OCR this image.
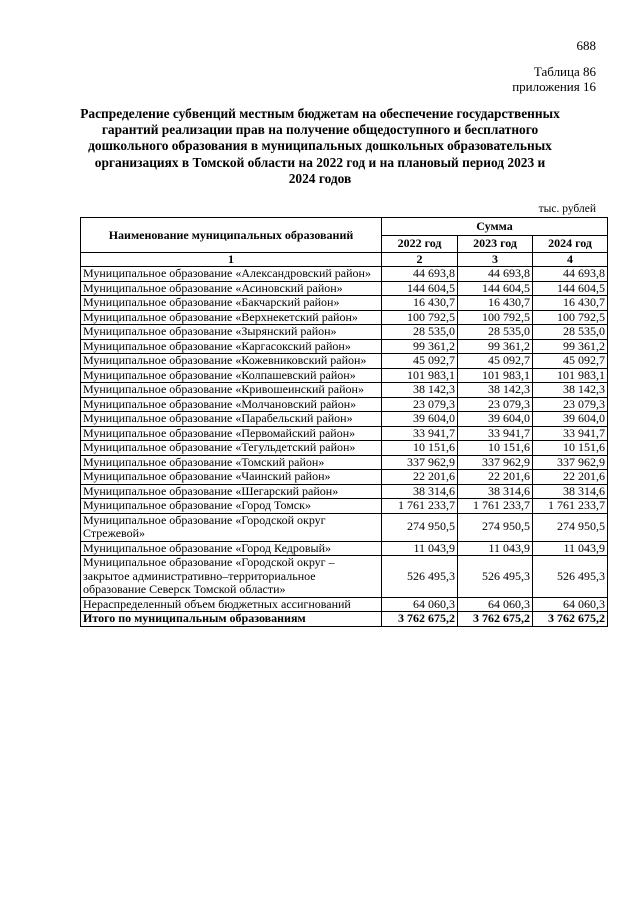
688
Таблица 86
приложения 16
Распределение субвенций местным бюджетам на обеспечение государственных гарантий реализации прав на получение общедоступного и бесплатного дошкольного образования в муниципальных дошкольных образовательных организациях в Томской области на 2022 год и на плановый период 2023 и 2024 годов
тыс. рублей
Наименование муниципальных образований	Сумма		
	2022 год	2023 год	2024 год
1	2	3	4
Муниципальное образование «Александровский район»	44 693,8	44 693,8	44 693,8
Муниципальное образование «Асиновский район»	144 604,5	144 604,5	144 604,5
Муниципальное образование «Бакчарский район»	16 430,7	16 430,7	16 430,7
Муниципальное образование «Верхнекетский район»	100 792,5	100 792,5	100 792,5
Муниципальное образование «Зырянский район»	28 535,0	28 535,0	28 535,0
Муниципальное образование «Каргасокский район»	99 361,2	99 361,2	99 361,2
Муниципальное образование «Кожевниковский район»	45 092,7	45 092,7	45 092,7
Муниципальное образование «Колпашевский район»	101 983,1	101 983,1	101 983,1
Муниципальное образование «Кривошеинский район»	38 142,3	38 142,3	38 142,3
Муниципальное образование «Молчановский район»	23 079,3	23 079,3	23 079,3
Муниципальное образование «Парабельский район»	39 604,0	39 604,0	39 604,0
Муниципальное образование «Первомайский район»	33 941,7	33 941,7	33 941,7
Муниципальное образование «Тегульдетский район»	10 151,6	10 151,6	10 151,6
Муниципальное образование «Томский район»	337 962,9	337 962,9	337 962,9
Муниципальное образование «Чаинский район»	22 201,6	22 201,6	22 201,6
Муниципальное образование «Шегарский район»	38 314,6	38 314,6	38 314,6
Муниципальное образование «Город Томск»	1 761 233,7	1 761 233,7	1 761 233,7
Муниципальное образование «Городской округ Стрежевой»	274 950,5	274 950,5	274 950,5
Муниципальное образование «Город Кедровый»	11 043,9	11 043,9	11 043,9
Муниципальное образование «Городской округ – закрытое административно–территориальное образование Северск Томской области»	526 495,3	526 495,3	526 495,3
Нераспределенный объем бюджетных ассигнований	64 060,3	64 060,3	64 060,3
Итого по муниципальным образованиям	3 762 675,2	3 762 675,2	3 762 675,2
